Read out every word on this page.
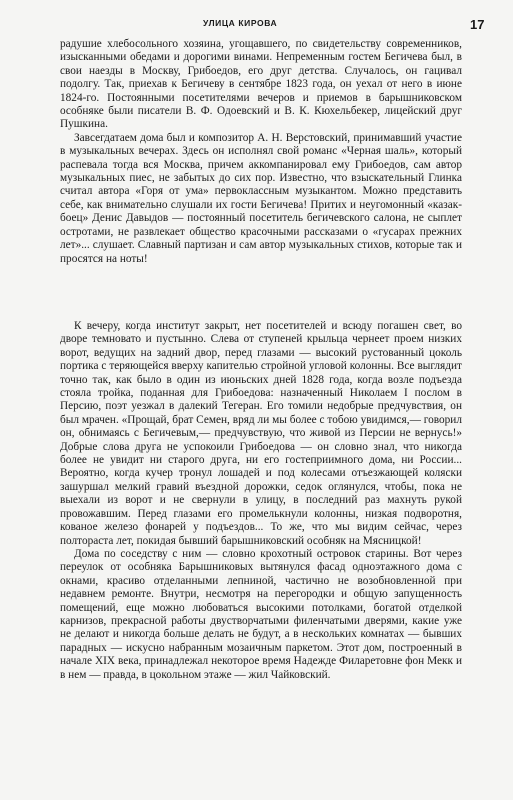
УЛИЦА КИРОВА	17

радушие хлебосольного хозяина, угощавшего, по свидетельству современников, изысканными обедами и дорогими винами. Непременным гостем Бегичева был, в свои наезды в Москву, Грибоедов, его друг детства. Случалось, он гацивал подолгу. Так, приехав к Бегичеву в сентябре 1823 года, он уехал от него в июне 1824-го. Постоянными посетителями вечеров и приемов в барышниковском особняке были писатели В. Ф. Одоевский и В. К. Кюхельбекер, лицейский друг Пушкина.

Завсегдатаем дома был и композитор А. Н. Верстовский, принимавший участие в музыкальных вечерах. Здесь он исполнял свой романс «Черная шаль», который распевала тогда вся Москва, причем аккомпанировал ему Грибоедов, сам автор музыкальных пиес, не забытых до сих пор. Известно, что взыскательный Глинка считал автора «Горя от ума» первоклассным музыкантом. Можно представить себе, как внимательно слушали их гости Бегичева! Притих и неугомонный «казак-боец» Денис Давыдов — постоянный посетитель бегичевского салона, не сыплет остротами, не развлекает общество красочными рассказами о «гусарах прежних лет»... слушает. Славный партизан и сам автор музыкальных стихов, которые так и просятся на ноты!

К вечеру, когда институт закрыт, нет посетителей и всюду погашен свет, во дворе темновато и пустынно. Слева от ступеней крыльца чернеет проем низких ворот, ведущих на задний двор, перед глазами — высокий рустованный цоколь портика с теряющейся вверху капителью стройной угловой колонны. Все выглядит точно так, как было в один из июньских дней 1828 года, когда возле подъезда стояла тройка, поданная для Грибоедова: назначенный Николаем I послом в Персию, поэт уезжал в далекий Тегеран. Его томили недобрые предчувствия, он был мрачен. «Прощай, брат Семен, вряд ли мы более с тобою увидимся,— говорил он, обнимаясь с Бегичевым,— предчувствую, что живой из Персии не вернусь!» Добрые слова друга не успокоили Грибоедова — он словно знал, что никогда более не увидит ни старого друга, ни его гостеприимного дома, ни России... Вероятно, когда кучер тронул лошадей и под колесами отъезжающей коляски зашуршал мелкий гравий въездной дорожки, седок оглянулся, чтобы, пока не выехали из ворот и не свернули в улицу, в последний раз махнуть рукой провожавшим. Перед глазами его промелькнули колонны, низкая подворотня, кованое железо фонарей у подъездов... То же, что мы видим сейчас, через полтораста лет, покидая бывший барышниковский особняк на Мясницкой!

Дома по соседству с ним — словно крохотный островок старины. Вот через переулок от особняка Барышниковых вытянулся фасад одноэтажного дома с окнами, красиво отделанными лепниной, частично не возобновленной при недавнем ремонте. Внутри, несмотря на перегородки и общую запущенность помещений, еще можно любоваться высокими потолками, богатой отделкой карнизов, прекрасной работы двустворчатыми филенчатыми дверями, какие уже не делают и никогда больше делать не будут, а в нескольких комнатах — бывших парадных — искусно набранным мозаичным паркетом. Этот дом, построенный в начале XIX века, принадлежал некоторое время Надежде Филаретовне фон Мекк и в нем — правда, в цокольном этаже — жил Чайковский.
